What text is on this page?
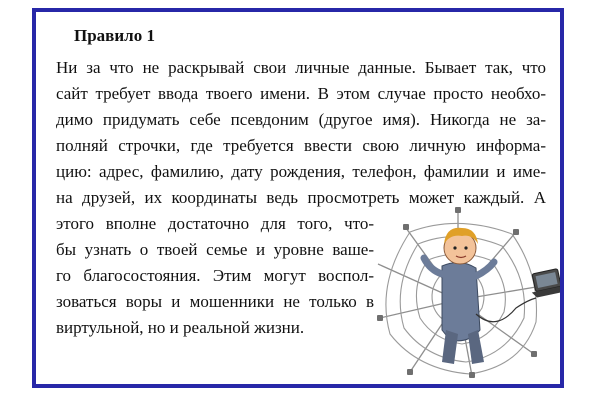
Правило 1

Ни за что не раскрывай свои личные данные. Бывает так, что

сайт требует ввода твоего имени. В этом случае просто необхо-

димо придумать себе псевдоним (другое имя). Никогда не за-

полняй строчки, где требуется ввести свою личную информа-

цию: адрес, фамилию, дату рождения, телефон, фамилии и име-

на друзей, их координаты ведь просмотреть может каждый. А

этого вполне достаточно для того, что-

бы узнать о твоей семье и уровне ваше-

го благосостояния. Этим могут воспол-

зоваться воры и мошенники не только в

виртульной, но и реальной жизни.
